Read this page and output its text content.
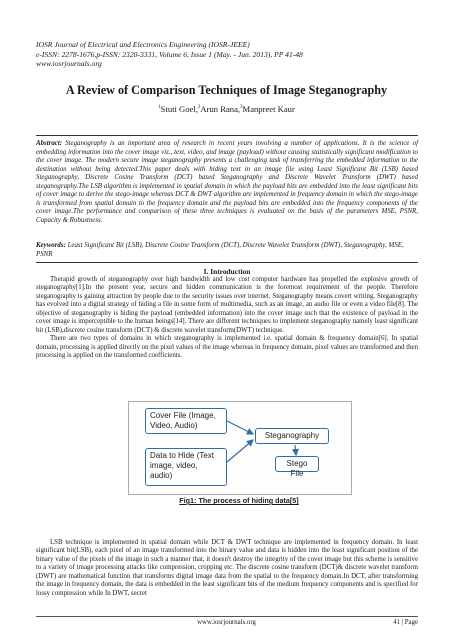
IOSR Journal of Electrical and Electronics Engineering (IOSR-JEEE)
e-ISSN: 2278-1676,p-ISSN: 2320-3331, Volume 6, Issue 1 (May. - Jun. 2013), PP 41-48
www.iosrjournals.org
A Review of Comparison Techniques of Image Steganography
$^1$Stuti Goel,$^2$Arun Rana,$^3$Manpreet Kaur
Abstract: Steganography is an important area of research in recent years involving a number of applications. It is the science of embedding information into the cover image viz., text, video, and image (payload) without causing statistically significant modification to the cover image. The modern secure image steganography presents a challenging task of transferring the embedded information to the destination without being detected.This paper deals with hiding text in an image file using Least Significant Bit (LSB) based Steganography, Discrete Cosine Transform (DCT) based Steganography and Discrete Wavelet Transform (DWT) based steganography.The LSB algorithm is implemented in spatial domain in which the payload bits are embedded into the least significant bits of cover image to derive the stego-image whereas DCT & DWT algorithm are implemented in frequency domain in which the stego-image is transformed from spatial domain to the frequency domain and the payload bits are embedded into the frequency components of the cover image.The performance and comparison of these three techniques is evaluated on the basis of the parameters MSE, PSNR, Capacity & Robustness.
Keywords: Least Significant Bit (LSB), Discrete Cosine Transform (DCT), Discrete Wavelet Transform (DWT), Steganography, MSE, PSNR
I. Introduction

Therapid growth of steganography over high bandwidth and low cost computer hardware has propelled the explosive growth of steganography[1].In the present year, secure and hidden communication is the foremost requirement of the people. Therefore steganography is gaining attraction by people due to the security issues over internet. Steganography means covert writing. Steganography has evolved into a digital strategy of hiding a file in some form of multimedia, such as an image, an audio file or even a video file[8]. The objective of steganography is hiding the payload (embedded information) into the cover image such that the existence of payload in the cover image is imperceptible to the human beings[14]. There are different techniques to implement steganography namely least significant bit (LSB),discrete cosine transform (DCT) & discrete wavelet transform(DWT) technique.

There are two types of domains in which steganography is implemented i.e. spatial domain & frequency domain[6]. In spatial domain, processing is applied directly on the pixel values of the image whereas in frequency domain, pixel values are transformed and then processing is applied on the transformed coefficients.

Cover File (Image, Video, Audio)
Data to Hide (Text image, video, audio)
Steganography
Stego File
Fig1: The process of hiding data[5]

LSB technique is implemented in spatial domain while DCT & DWT technique are implemented in frequency domain. In least significant bit(LSB), each pixel of an image transformed into the binary value and data is hidden into the least significant position of the binary value of the pixels of the image in such a manner that, it doesn't destroy the integrity of the cover image but this scheme is sensitive to a variety of image processing attacks like compression, cropping etc. The discrete cosine transform (DCT)& discrete wavelet transform (DWT) are mathematical function that transforms digital image data from the spatial to the frequency domain.In DCT, after transforming the image in frequency domain, the data is embedded in the least significant bits of the medium frequency components and is specified for lossy compression while In DWT, secret

www.iosrjournals.org	41 | Page
